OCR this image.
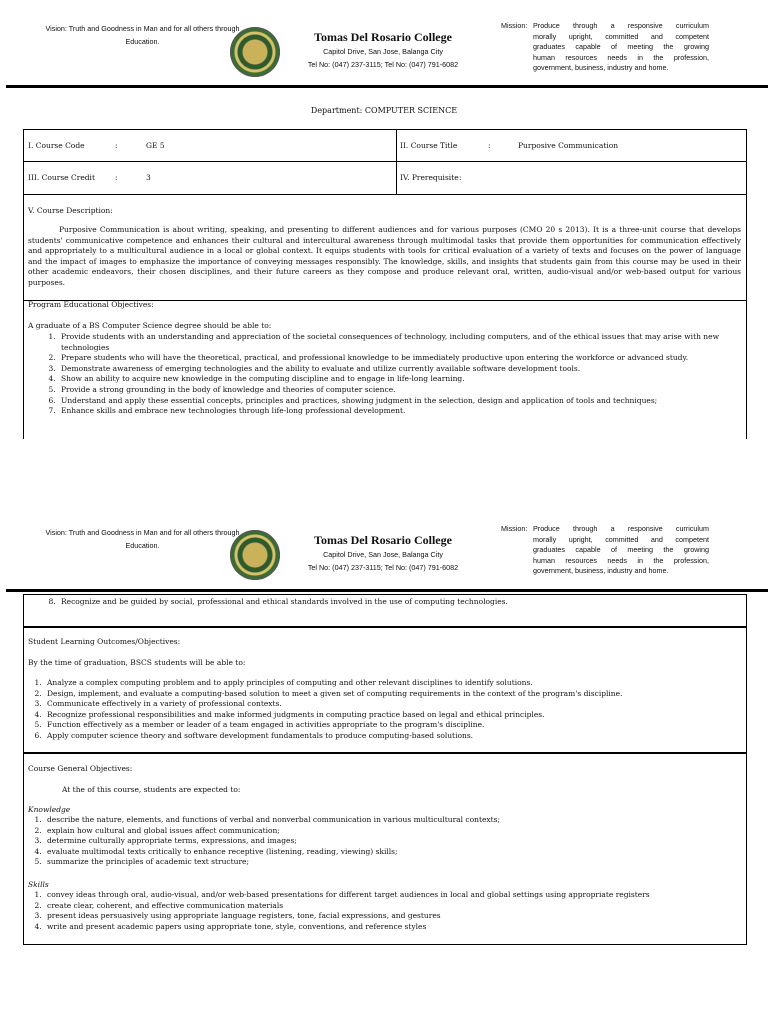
Vision: Truth and Goodness in Man and for all others through Education.	Tomas Del Rosario College
Capitol Drive, San Jose, Balanga City
Tel No: (047) 237-3115; Tel No: (047) 791-6082
Mission: Produce through a responsive curriculum
morally upright, committed and competent
graduates capable of meeting the growing
human resources needs in the profession,
government, business, industry and home.
Department: COMPUTER SCIENCE
I. Course Code	:	GE 5	II. Course Title	:	Purposive Communication
III. Course Credit	:	3	IV. Prerequisite :
V. Course Description:
Purposive Communication is about writing, speaking, and presenting to different audiences and for various purposes (CMO 20 s 2013). It is a three-unit course that develops students' communicative competence and enhances their cultural and intercultural awareness through multimodal tasks that provide them opportunities for communication effectively and appropriately to a multicultural audience in a local or global context. It equips students with tools for critical evaluation of a variety of texts and focuses on the power of language and the impact of images to emphasize the importance of conveying messages responsibly. The knowledge, skills, and insights that students gain from this course may be used in their other academic endeavors, their chosen disciplines, and their future careers as they compose and produce relevant oral, written, audio-visual and/or web-based output for various purposes.
Program Educational Objectives:
A graduate of a BS Computer Science degree should be able to:
1. Provide students with an understanding and appreciation of the societal consequences of technology, including computers, and of the ethical issues that may arise with new technologies
2. Prepare students who will have the theoretical, practical, and professional knowledge to be immediately productive upon entering the workforce or advanced study.
3. Demonstrate awareness of emerging technologies and the ability to evaluate and utilize currently available software development tools.
4. Show an ability to acquire new knowledge in the computing discipline and to engage in life-long learning.
5. Provide a strong grounding in the body of knowledge and theories of computer science.
6. Understand and apply these essential concepts, principles and practices, showing judgment in the selection, design and application of tools and techniques;
7. Enhance skills and embrace new technologies through life-long professional development.
Vision: Truth and Goodness in Man and for all others through Education.	Tomas Del Rosario College
Capitol Drive, San Jose, Balanga City
Tel No: (047) 237-3115; Tel No: (047) 791-6082
Mission: Produce through a responsive curriculum
morally upright, committed and competent
graduates capable of meeting the growing
human resources needs in the profession,
government, business, industry and home.
8. Recognize and be guided by social, professional and ethical standards involved in the use of computing technologies.
Student Learning Outcomes/Objectives:
By the time of graduation, BSCS students will be able to:
1. Analyze a complex computing problem and to apply principles of computing and other relevant disciplines to identify solutions.
2. Design, implement, and evaluate a computing-based solution to meet a given set of computing requirements in the context of the program's discipline.
3. Communicate effectively in a variety of professional contexts.
4. Recognize professional responsibilities and make informed judgments in computing practice based on legal and ethical principles.
5. Function effectively as a member or leader of a team engaged in activities appropriate to the program's discipline.
6. Apply computer science theory and software development fundamentals to produce computing-based solutions.
Course General Objectives:
At the of this course, students are expected to:
Knowledge
1. describe the nature, elements, and functions of verbal and nonverbal communication in various multicultural contexts;
2. explain how cultural and global issues affect communication;
3. determine culturally appropriate terms, expressions, and images;
4. evaluate multimodal texts critically to enhance receptive (listening, reading, viewing) skills;
5. summarize the principles of academic text structure;
Skills
1. convey ideas through oral, audio-visual, and/or web-based presentations for different target audiences in local and global settings using appropriate registers
2. create clear, coherent, and effective communication materials
3. present ideas persuasively using appropriate language registers, tone, facial expressions, and gestures
4. write and present academic papers using appropriate tone, style, conventions, and reference styles
